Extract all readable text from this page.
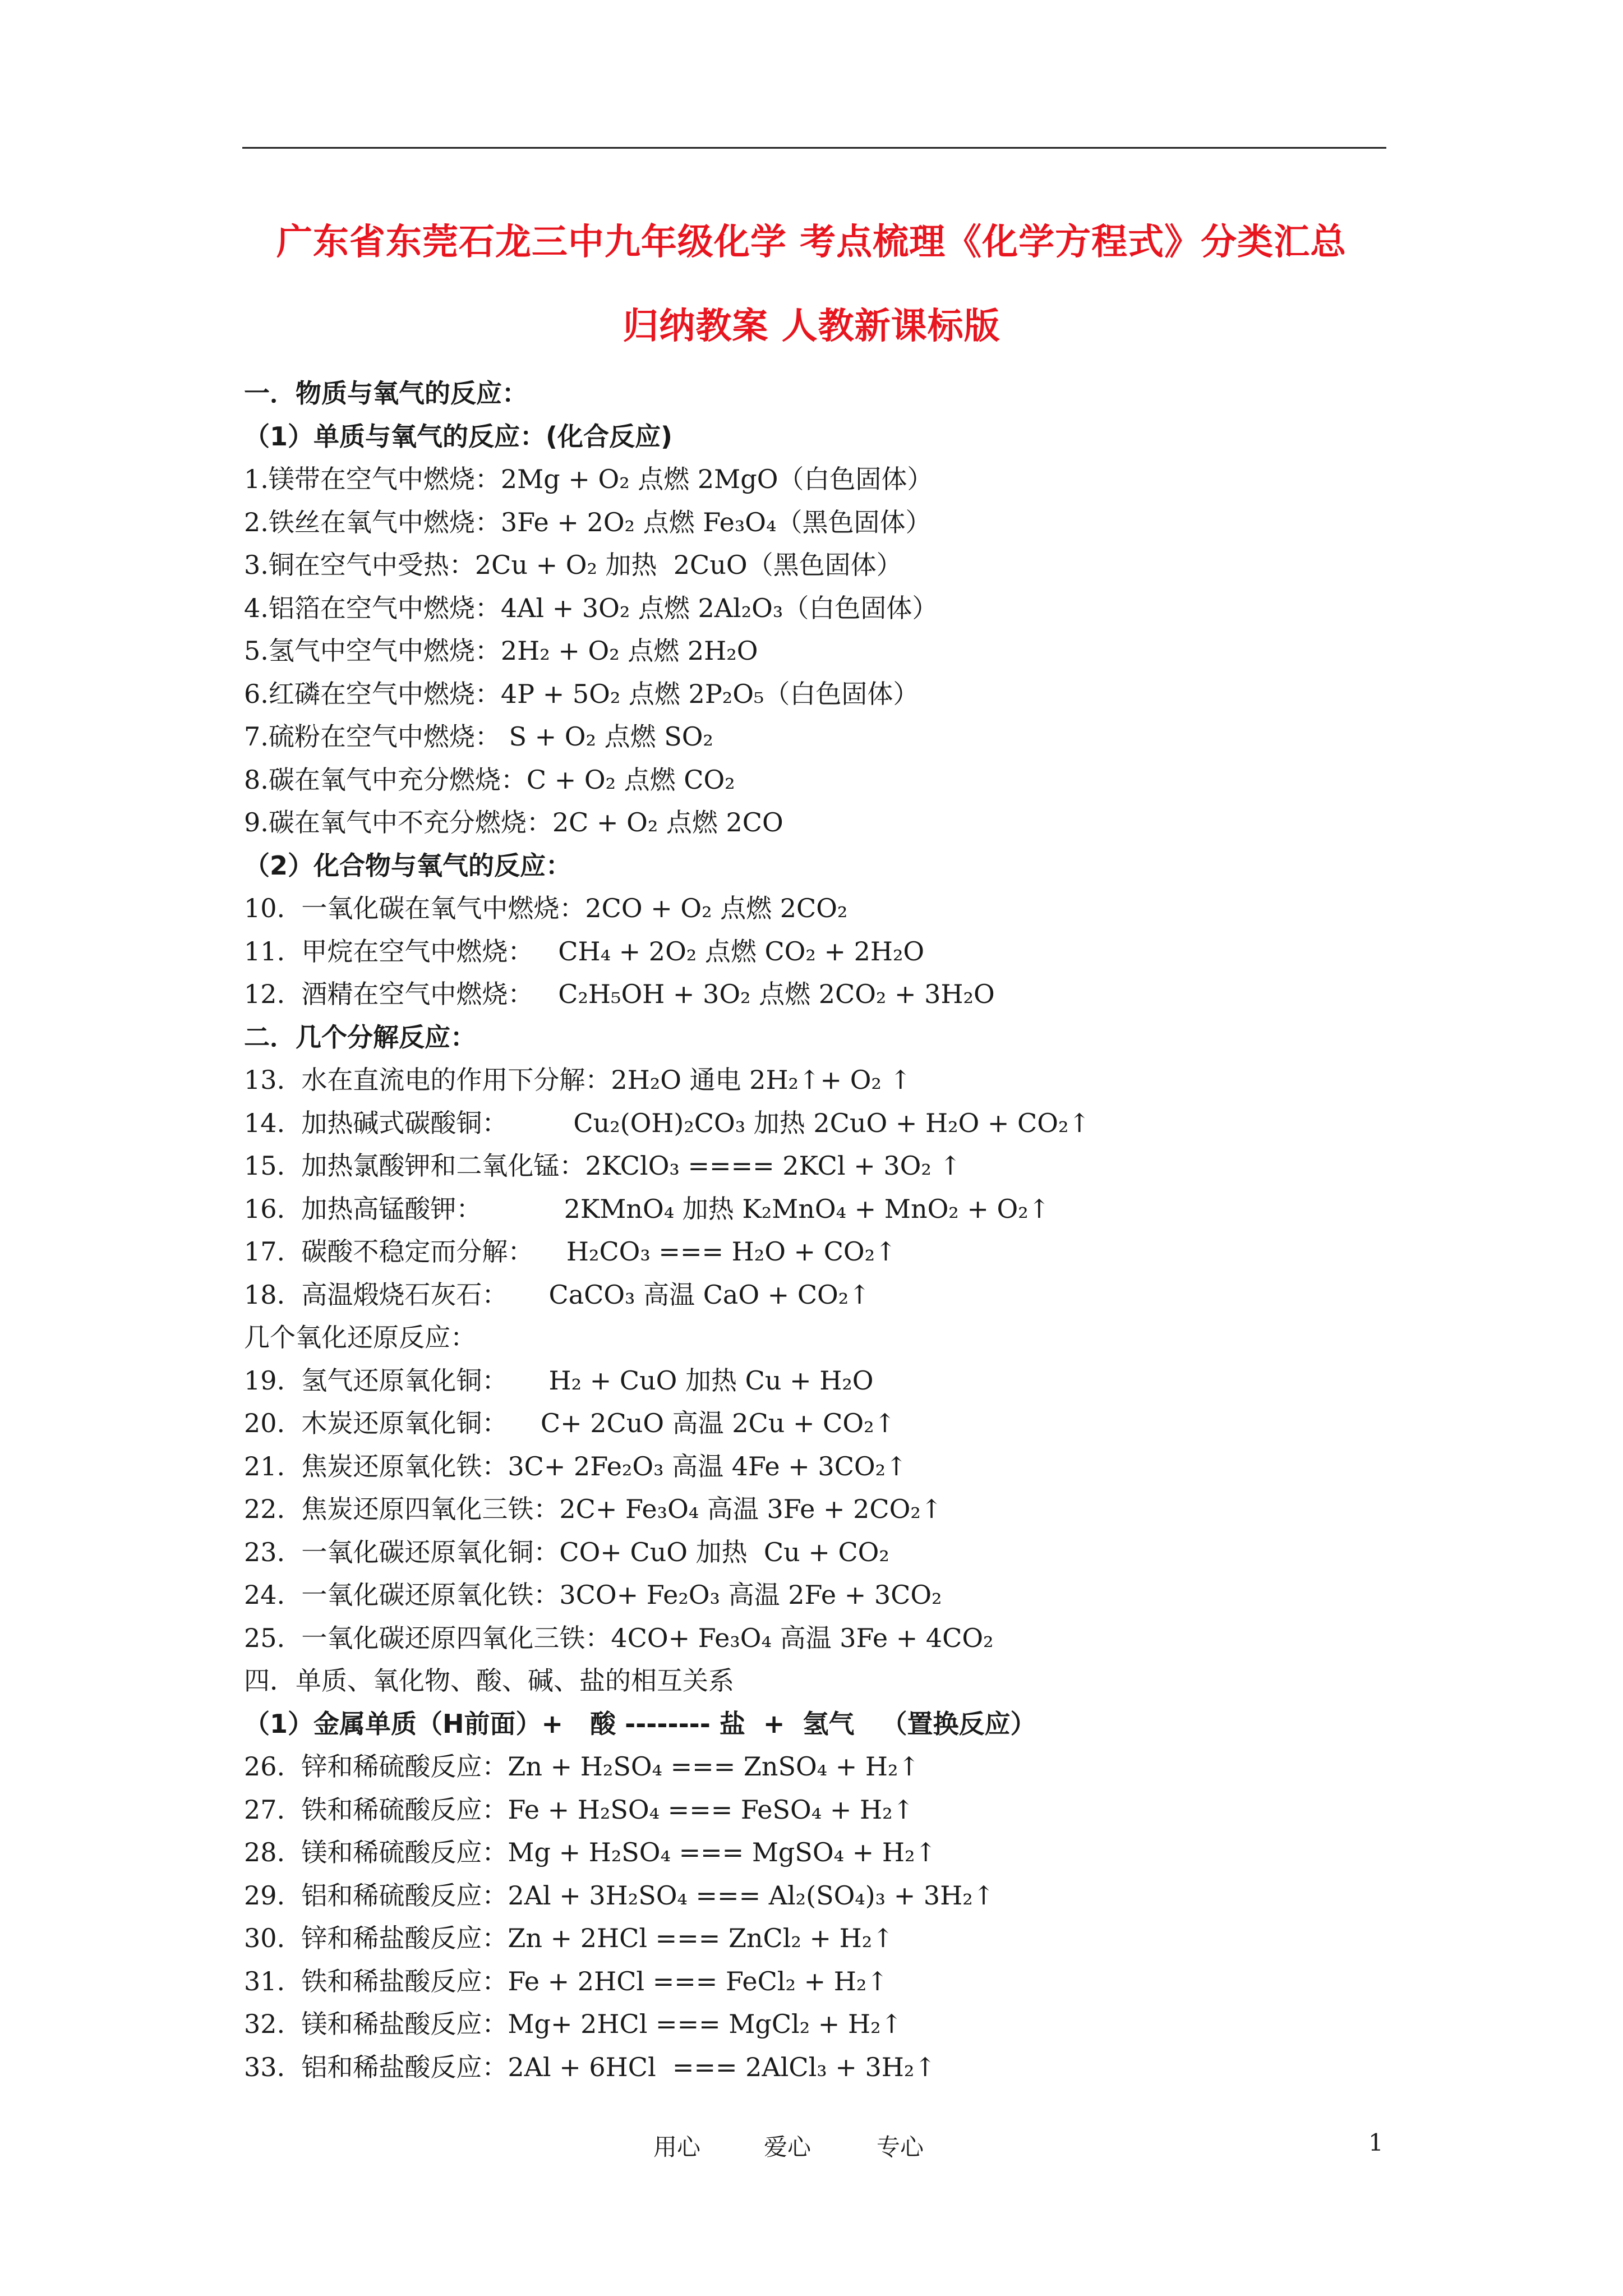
广东省东莞石龙三中九年级化学 考点梳理《化学方程式》分类汇总
归纳教案 人教新课标版
一．物质与氧气的反应：
（1）单质与氧气的反应：(化合反应)
1.镁带在空气中燃烧：2Mg + O₂ 点燃 2MgO（白色固体）
2.铁丝在氧气中燃烧：3Fe + 2O₂ 点燃 Fe₃O₄（黑色固体）
3.铜在空气中受热：2Cu + O₂ 加热  2CuO（黑色固体）
4.铝箔在空气中燃烧：4Al + 3O₂ 点燃 2Al₂O₃（白色固体）
5.氢气中空气中燃烧：2H₂ + O₂ 点燃 2H₂O
6.红磷在空气中燃烧：4P + 5O₂ 点燃 2P₂O₅（白色固体）
7.硫粉在空气中燃烧： S + O₂ 点燃 SO₂
8.碳在氧气中充分燃烧：C + O₂ 点燃 CO₂
9.碳在氧气中不充分燃烧：2C + O₂ 点燃 2CO
（2）化合物与氧气的反应：
10.  一氧化碳在氧气中燃烧：2CO + O₂ 点燃 2CO₂
11.  甲烷在空气中燃烧：   CH₄ + 2O₂ 点燃 CO₂ + 2H₂O
12.  酒精在空气中燃烧：   C₂H₅OH + 3O₂ 点燃 2CO₂ + 3H₂O
二．几个分解反应：
13.  水在直流电的作用下分解：2H₂O 通电 2H₂↑+ O₂ ↑
14.  加热碱式碳酸铜：        Cu₂(OH)₂CO₃ 加热 2CuO + H₂O + CO₂↑
15.  加热氯酸钾和二氧化锰：2KClO₃ ==== 2KCl + 3O₂ ↑
16.  加热高锰酸钾：          2KMnO₄ 加热 K₂MnO₄ + MnO₂ + O₂↑
17.  碳酸不稳定而分解：    H₂CO₃ === H₂O + CO₂↑
18.  高温煅烧石灰石：     CaCO₃ 高温 CaO + CO₂↑
几个氧化还原反应：
19.  氢气还原氧化铜：     H₂ + CuO 加热 Cu + H₂O
20.  木炭还原氧化铜：    C+ 2CuO 高温 2Cu + CO₂↑
21.  焦炭还原氧化铁：3C+ 2Fe₂O₃ 高温 4Fe + 3CO₂↑
22.  焦炭还原四氧化三铁：2C+ Fe₃O₄ 高温 3Fe + 2CO₂↑
23.  一氧化碳还原氧化铜：CO+ CuO 加热  Cu + CO₂
24.  一氧化碳还原氧化铁：3CO+ Fe₂O₃ 高温 2Fe + 3CO₂
25.  一氧化碳还原四氧化三铁：4CO+ Fe₃O₄ 高温 3Fe + 4CO₂
四．单质、氧化物、酸、碱、盐的相互关系
（1）金属单质（H前面）+   酸 -------- 盐  +  氢气   （置换反应）
26.  锌和稀硫酸反应：Zn + H₂SO₄ === ZnSO₄ + H₂↑
27.  铁和稀硫酸反应：Fe + H₂SO₄ === FeSO₄ + H₂↑
28.  镁和稀硫酸反应：Mg + H₂SO₄ === MgSO₄ + H₂↑
29.  铝和稀硫酸反应：2Al + 3H₂SO₄ === Al₂(SO₄)₃ + 3H₂↑
30.  锌和稀盐酸反应：Zn + 2HCl === ZnCl₂ + H₂↑
31.  铁和稀盐酸反应：Fe + 2HCl === FeCl₂ + H₂↑
32.  镁和稀盐酸反应：Mg+ 2HCl === MgCl₂ + H₂↑
33.  铝和稀盐酸反应：2Al + 6HCl  === 2AlCl₃ + 3H₂↑
用心	爱心	专心	1
